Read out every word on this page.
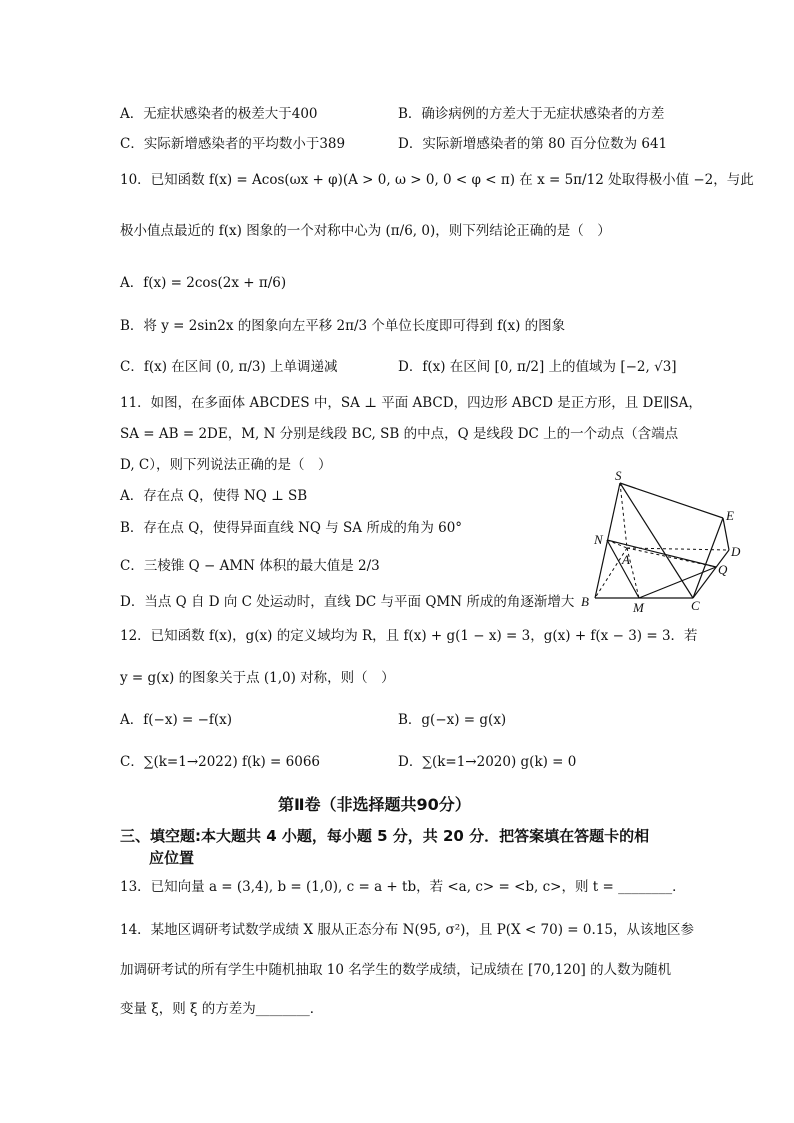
A．无症状感染者的极差大于400	B．确诊病例的方差大于无症状感染者的方差
C．实际新增感染者的平均数小于389	D．实际新增感染者的第 80 百分位数为 641
10．已知函数 f(x) = Acos(ωx + φ)(A > 0, ω > 0, 0 < φ < π) 在 x = 5π/12 处取得极小值 −2，与此
极小值点最近的 f(x) 图象的一个对称中心为 (π/6, 0)，则下列结论正确的是（　）
A．f(x) = 2cos(2x + π/6)
B．将 y = 2sin2x 的图象向左平移 2π/3 个单位长度即可得到 f(x) 的图象
C．f(x) 在区间 (0, π/3) 上单调递减	D．f(x) 在区间 [0, π/2] 上的值域为 [−2, √3]
11．如图，在多面体 ABCDES 中，SA ⊥ 平面 ABCD，四边形 ABCD 是正方形，且 DE∥SA，
SA = AB = 2DE，M, N 分别是线段 BC, SB 的中点，Q 是线段 DC 上的一个动点（含端点
D, C），则下列说法正确的是（　）
A．存在点 Q，使得 NQ ⊥ SB
B．存在点 Q，使得异面直线 NQ 与 SA 所成的角为 60°
C．三棱锥 Q − AMN 体积的最大值是 2/3
D．当点 Q 自 D 向 C 处运动时，直线 DC 与平面 QMN 所成的角逐渐增大
S
E
N
A
D
Q
B	M	C
12．已知函数 f(x)，g(x) 的定义域均为 R，且 f(x) + g(1 − x) = 3，g(x) + f(x − 3) = 3．若
y = g(x) 的图象关于点 (1,0) 对称，则（　）
A．f(−x) = −f(x)	B．g(−x) = g(x)
C．∑(k=1→2022) f(k) = 6066	D．∑(k=1→2020) g(k) = 0
第Ⅱ卷（非选择题共90分）
三、填空题:本大题共 4 小题，每小题 5 分，共 20 分．把答案填在答题卡的相
应位置
13．已知向量 a = (3,4), b = (1,0), c = a + tb，若 <a, c> = <b, c>，则 t = ________．
14．某地区调研考试数学成绩 X 服从正态分布 N(95, σ²)，且 P(X < 70) = 0.15，从该地区参
加调研考试的所有学生中随机抽取 10 名学生的数学成绩，记成绩在 [70,120] 的人数为随机
变量 ξ，则 ξ 的方差为________．
